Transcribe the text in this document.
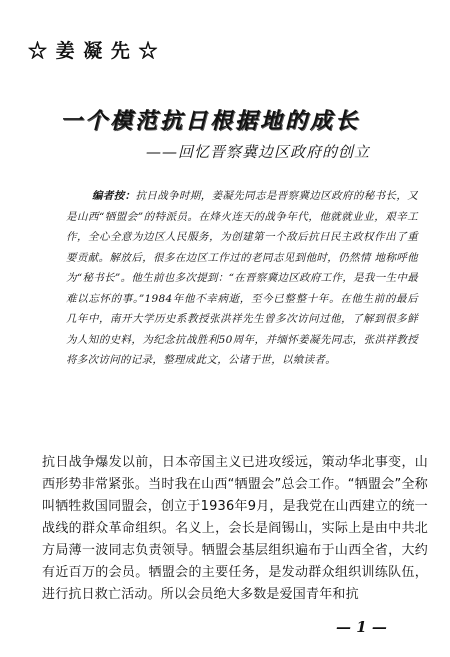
☆ 姜 凝 先 ☆
一个模范抗日根据地的成长
——回忆晋察冀边区政府的创立
编者按：抗日战争时期，姜凝先同志是晋察冀边区政府的秘书长，又是山西“牺盟会”的特派员。在烽火连天的战争年代，他就就业业，艰辛工作，全心全意为边区人民服务，为创建第一个敌后抗日民主政权作出了重要贡献。解放后，很多在边区工作过的老同志见到他时，仍然情 地称呼他为“秘书长”。他生前也多次提到：“在晋察冀边区政府工作，是我一生中最难以忘怀的事。”1984年他不幸病逝，至今已整整十年。在他生前的最后几年中，南开大学历史系教授张洪祥先生曾多次访问过他，了解到很多鲜为人知的史料，为纪念抗战胜利50周年，并缅怀姜凝先同志，张洪祥教授将多次访问的记录，整理成此文，公诸于世，以飨读者。
抗日战争爆发以前，日本帝国主义已进攻绥远，策动华北事变，山西形势非常紧张。当时我在山西“牺盟会”总会工作。“牺盟会”全称叫牺牲救国同盟会，创立于1936年9月，是我党在山西建立的统一战线的群众革命组织。名义上，会长是阎锡山，实际上是由中共北方局薄一波同志负责领导。牺盟会基层组织遍布于山西全省，大约有近百万的会员。牺盟会的主要任务，是发动群众组织训练队伍，进行抗日救亡活动。所以会员绝大多数是爱国青年和抗
— 1 —
